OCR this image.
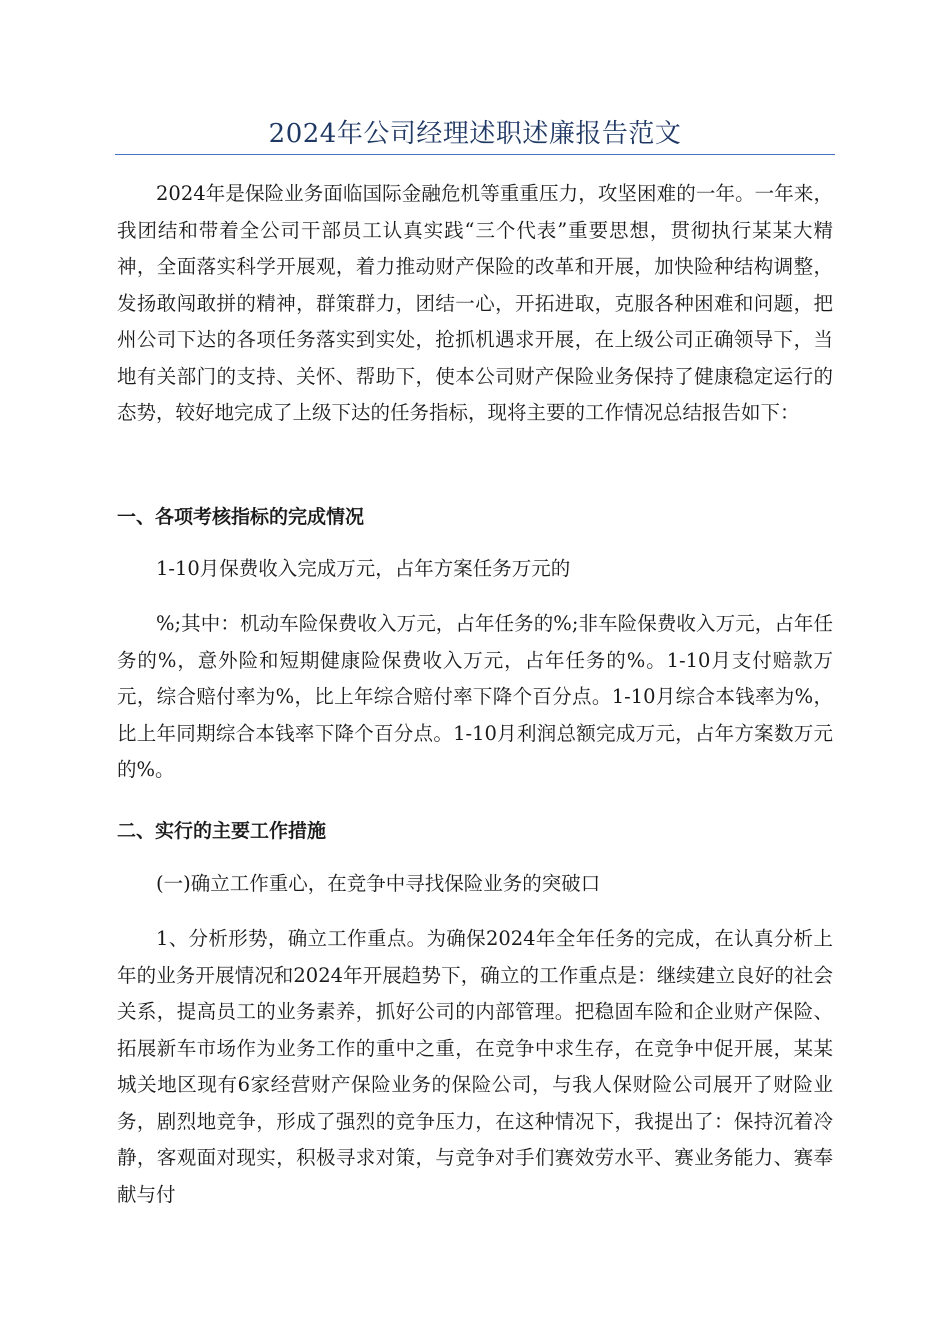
2024年公司经理述职述廉报告范文

2024年是保险业务面临国际金融危机等重重压力，攻坚困难的一年。一年来，我团结和带着全公司干部员工认真实践“三个代表”重要思想，贯彻执行某某大精神，全面落实科学开展观，着力推动财产保险的改革和开展，加快险种结构调整，发扬敢闯敢拼的精神，群策群力，团结一心，开拓进取，克服各种困难和问题，把州公司下达的各项任务落实到实处，抢抓机遇求开展，在上级公司正确领导下，当地有关部门的支持、关怀、帮助下，使本公司财产保险业务保持了健康稳定运行的态势，较好地完成了上级下达的任务指标，现将主要的工作情况总结报告如下：

一、各项考核指标的完成情况

1-10月保费收入完成万元，占年方案任务万元的

%;其中：机动车险保费收入万元，占年任务的%;非车险保费收入万元，占年任务的%，意外险和短期健康险保费收入万元，占年任务的%。1-10月支付赔款万元，综合赔付率为%，比上年综合赔付率下降个百分点。1-10月综合本钱率为%，比上年同期综合本钱率下降个百分点。1-10月利润总额完成万元，占年方案数万元的%。

二、实行的主要工作措施

(一)确立工作重心，在竞争中寻找保险业务的突破口

1、分析形势，确立工作重点。为确保2024年全年任务的完成，在认真分析上年的业务开展情况和2024年开展趋势下，确立的工作重点是：继续建立良好的社会关系，提高员工的业务素养，抓好公司的内部管理。把稳固车险和企业财产保险、拓展新车市场作为业务工作的重中之重，在竞争中求生存，在竞争中促开展，某某城关地区现有6家经营财产保险业务的保险公司，与我人保财险公司展开了财险业务，剧烈地竞争，形成了强烈的竞争压力，在这种情况下，我提出了：保持沉着冷静，客观面对现实，积极寻求对策，与竞争对手们赛效劳水平、赛业务能力、赛奉献与付
